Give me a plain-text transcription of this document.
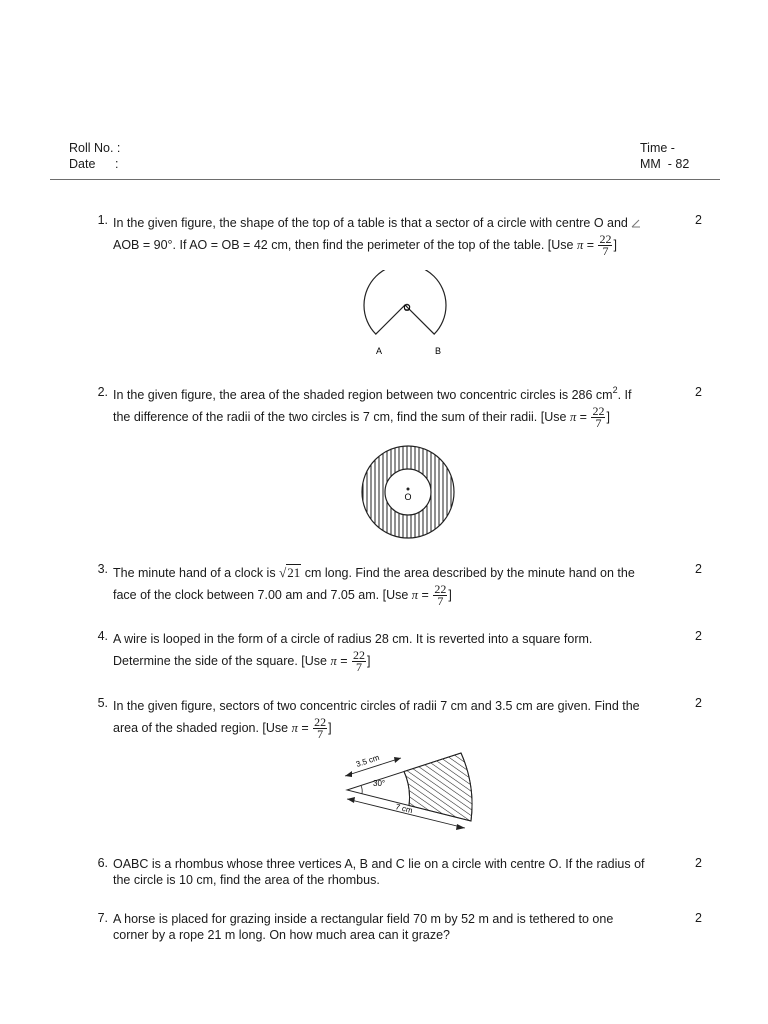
Roll No. :
Date :
Time -
MM  - 82
1. In the given figure, the shape of the top of a table is that a sector of a circle with centre O and
AOB = 90°. If AO = OB = 42 cm, then find the perimeter of the top of the table. [Use $\pi = \frac{22}{7}$ ]
2
O
A	B
2. In the given figure, the area of the shaded region between two concentric circles is 286 $cm^2$. If
the difference of the radii of the two circles is 7 cm, find the sum of their radii. [Use $\pi = \frac{22}{7}$ ]
2
O
3. The minute hand of a clock is √21 cm long. Find the area described by the minute hand on the
face of the clock between 7.00 am and 7.05 am. [Use $\pi = \frac{22}{7}$ ]
2
4. A wire is looped in the form of a circle of radius 28 cm. It is reverted into a square form.
Determine the side of the square. [Use $\pi = \frac{22}{7}$ ]
2
5. In the given figure, sectors of two concentric circles of radii 7 cm and 3.5 cm are given. Find the
area of the shaded region. [Use $\pi = \frac{22}{7}$ ]
2
3.5 cm
30°
7 cm
6. OABC is a rhombus whose three vertices A, B and C lie on a circle with centre O. If the radius of
the circle is 10 cm, find the area of the rhombus.
2
7. A horse is placed for grazing inside a rectangular field 70 m by 52 m and is tethered to one
corner by a rope 21 m long. On how much area can it graze?
2
